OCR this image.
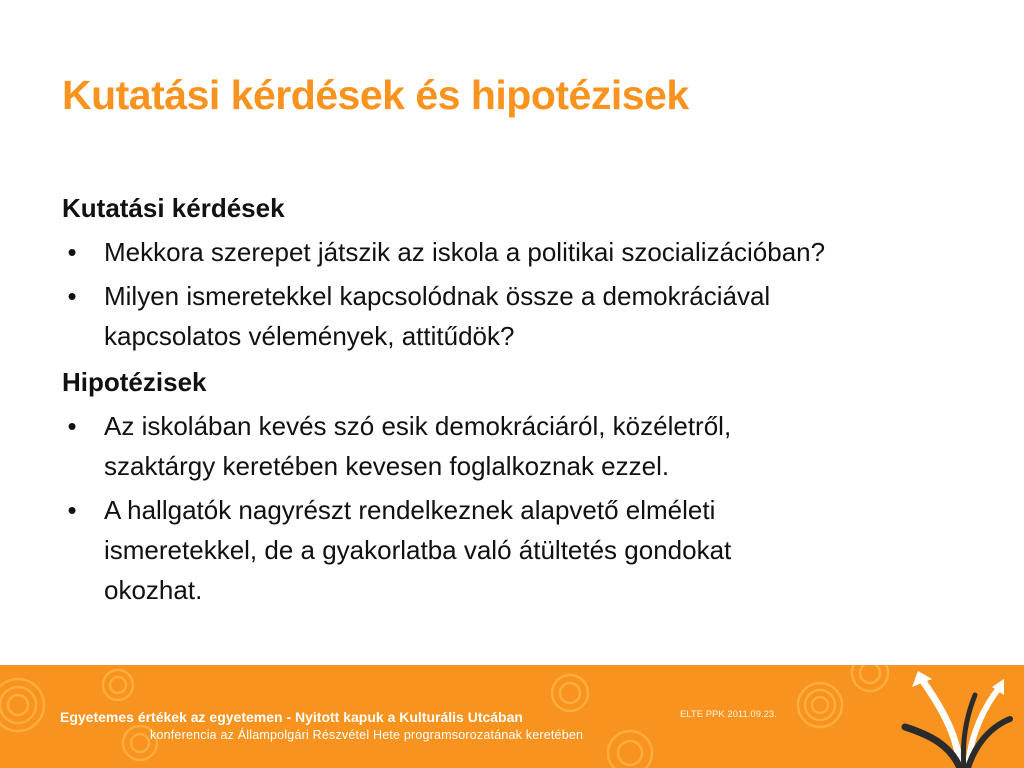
Kutatási kérdések és hipotézisek
Kutatási kérdések
• Mekkora szerepet játszik az iskola a politikai szocializációban?
• Milyen ismeretekkel kapcsolódnak össze a demokráciával
kapcsolatos vélemények, attitűdök?
Hipotézisek
• Az iskolában kevés szó esik demokráciáról, közéletről,
szaktárgy keretében kevesen foglalkoznak ezzel.
• A hallgatók nagyrészt rendelkeznek alapvető elméleti
ismeretekkel, de a gyakorlatba való átültetés gondokat
okozhat.
Egyetemes értékek az egyetemen - Nyitott kapuk a Kulturális Utcában
konferencia az Állampolgári Részvétel Hete programsorozatának keretében
ELTE PPK 2011.09.23.
